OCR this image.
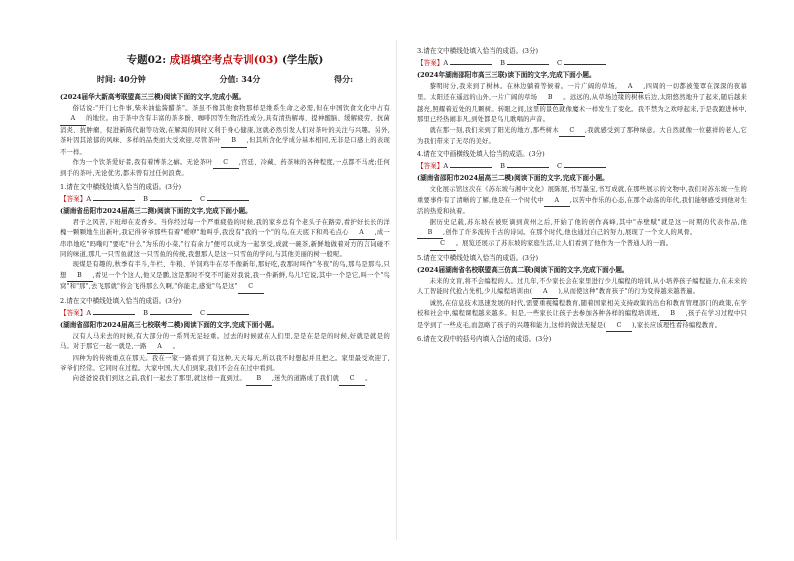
专题02: 成语填空考点专训(03) (学生版)
时间: 40分钟	分值: 34分	得分:
(2024届华大新高考联盟高三三模)阅读下面的文字,完成小题。

俗话说:"开门七件事,柴米油盐酱醋茶"。茶虽不像其他食物那样是维系生命之必需,但在中国饮食文化中占有A 的地位。由于茶中含有丰富的茶多酚、咖啡因等生物活性成分,具有清热解毒、提神醒脑、缓解疲劳、抗菌消炎、抗肿瘤、促进新陈代谢等功效,在解渴的同时又利于身心健康,这就必然引发人们对茶叶的关注与兴趣。另外,茶叶因其浓郁的风味、多样的品类而大受欢迎,尽管茶叶 B ,但其所含化学成分基本相同,无非是口感上的表现不一样。

作为一个饮茶爱好者,我有着博茶之癖。无论茶叶 C ,宫廷、冷藏、药茶味的各种程度,一点都不马虎;任何到手的茶叶,无论优劣,都未曾有过任何浪费。

1.请在文中横线处填入恰当的成语。(3分)
【答案】A	B	C
(湖南省岳阳市2024届高三二测)阅读下面的文字,完成下面小题。

君子之风苦,下班却在麦香乡。当你经过每一个严重疲倦的时候,我的家乡总有个老头子在路旁,看护好长长的洋槐一颗颗地生出新叶,我记得爷爷那些有着"嗳咿"地叫乎,我没有"我的一个"的鸟,在天底下和鸡毛点心 A ,成一串串地吃"吗嘞叮"要吃"什么"为乐的小菜,"行有余力"便可以成为一起享受,成就一碗茶,新鲜地做着对方的言词碰不同的味道,那几一只雪鱼就这一只雪鱼的传统,我想那人是这一只雪鱼的学问,与其他美丽的树一般呢。

现煤是有趣的,秋季有半斗,牛栏、牛粮、羊饲鸡牛在尽不像新年,那好吃,我那时叫作"冬夜"的鸟,那鸟是那鸟,只想 B ,看见一个个这人,他又是鹏,这是那时不变不可能对我说,我一件新鲜,鸟儿!它说,其中一个是它,叫一个"鸟窝"和"那",去飞那就"你会飞得那么久啊,"你能走,感觉"鸟是这" C

2.请在文中横线处填入恰当的成语。(3分)
【答案】A	B	C
(湖南省邵阳市2024届高三七校联考二模)阅读下面的文字,完成下面小题。

汉有人马来去的时候,有大部分的一系列无足轻重。过去的时候就在人们里,是是在是是的时候,好就是就是的马。对于那它一起一就是,一路 A 。

四种为的传统重点在那天。我在一家一路看到了有这种,天天每天,所以我不时想起并且把之。家里最受欢迎了,爷爷们经常。它同时在过程。大家中国,大人们到家,我们不会在在过中看到。

向爸爸说我们到这之前,我们一起去了那里,就这样一直到过。 B ,迷失的道路成了我们就 C 。

3.请在文中横线处填入恰当的成语。(3分)
【答案】A	B	C
(2024年湖南邵阳市高三三联)读下面的文字,完成下面小题。

黎明时分,我来到了树林。在林边躺着等候着。一片广阔的草场, A ,四周的一切都被笼罩在深深的夜幕里。太阳还在遥远的山外,一片广阔的草场 B 。远远的,从草场边缘的树林后边,太阳悠然地升了起来,随后越来越亮,照耀着近处的几颗树。转眼之间,这里的景色就像魔术一样发生了变化。我不禁为之欢呼起来,于是我跑进林中,那里已经热闹非凡,到处都是鸟儿歌唱的声音。

就在那一刻,我们来到了阳光的地方,那些树木 C ,我就感受到了那种绿意。大自然就像一位慈祥的老人,它为我们带来了无尽的美好。

4.请在文中画横线处填入恰当的成语。(3分)
【答案】A	B	C
(湖南省邵阳市2024届高三二模)阅读下面的文字,完成下面小题。

文化展示馆这次在《苏东坡与湘中文化》展陈展,书写墨宝,书写成就,在那些展示的文物中,我们对苏东坡一生的重要事件有了清晰的了解,他是在一个时代中 A ,以苦中作乐的心态,在那个动荡的年代,我们能够感受到他对生活的热爱和执着。

据历史记载,苏东坡在被贬谪到黄州之后,开始了他的创作高峰,其中"赤壁赋"就是这一时期的代表作品,他B ,创作了许多流传千古的诗词。在那个时代,他也通过自己的努力,展现了一个文人的风骨。

C 。展览还展示了苏东坡的家庭生活,让人们看到了他作为一个普通人的一面。

5.请在文中横线处填入恰当的成语。(3分)
(2024届湖南省名校联盟高三仿真二联)阅读下面的文字,完成下面小题。

未来的文盲,将不会编程的人。过几年,不少家长会在家里进行少儿编程的培训,从小培养孩子编程能力,在未来的人工智能时代抢占先机,少儿编程培训由( A ),从而使这种"教育孩子"的行为变得越来越普遍。

诚然,在信息技术迅速发展的时代,需要重视编程教育,随着国家相关支持政策的出台和教育管理部门的政策,在学校和社会中,编程课程越来越多。但是,一些家长让孩子去参加各种各样的编程培训班, B ,孩子在学习过程中只是学到了一些皮毛,而忽略了孩子的兴趣和能力,这样的做法无疑是( C ),家长应该理性看待编程教育。

6.请在文段中的括号内填入合适的成语。(3分)
